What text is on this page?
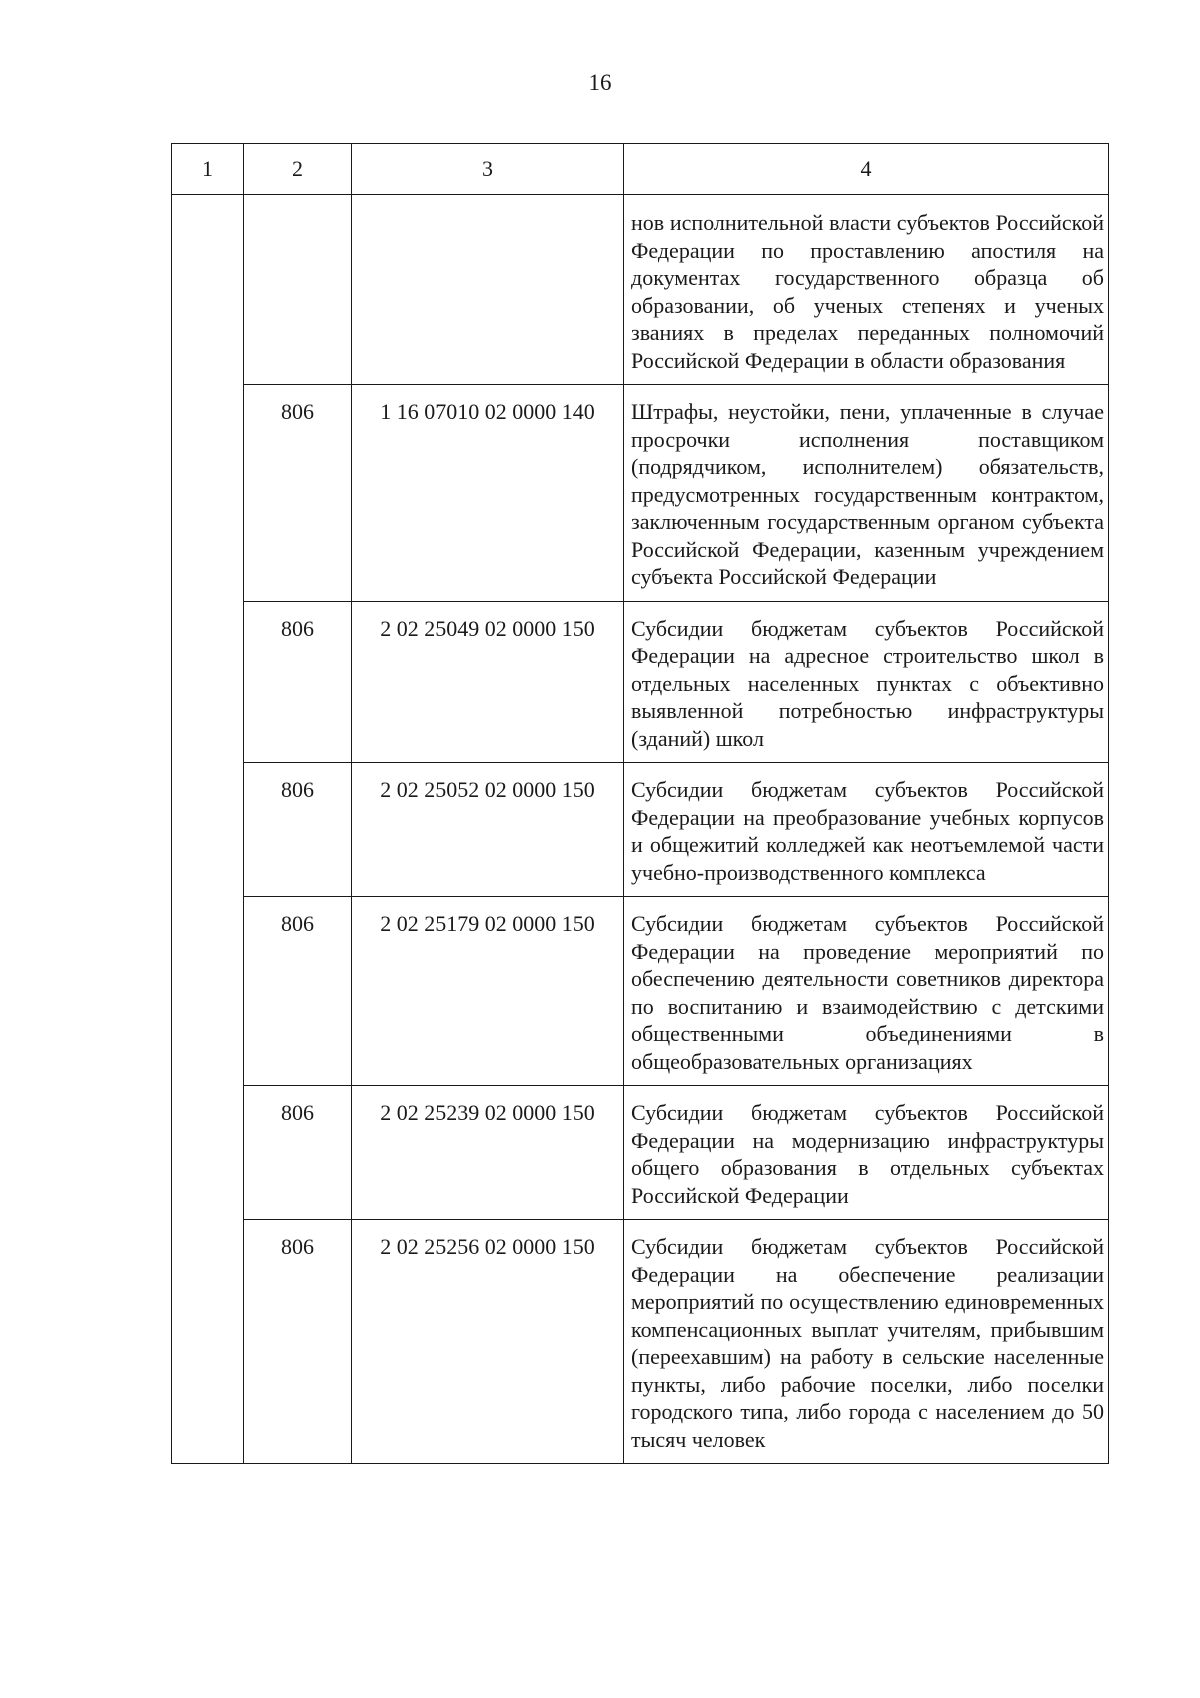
16
1	2	3	4
			нов исполнительной власти субъектов Российской Федерации по проставлению апостиля на документах государственного образца об образовании, об ученых степенях и ученых званиях в пределах переданных полномочий Российской Федерации в области образования
	806	1 16 07010 02 0000 140	Штрафы, неустойки, пени, уплаченные в случае просрочки исполнения поставщиком (подрядчиком, исполнителем) обязательств, предусмотренных государственным контрактом, заключенным государственным органом субъекта Российской Федерации, казенным учреждением субъекта Российской Федерации
	806	2 02 25049 02 0000 150	Субсидии бюджетам субъектов Российской Федерации на адресное строительство школ в отдельных населенных пунктах с объективно выявленной потребностью инфраструктуры (зданий) школ
	806	2 02 25052 02 0000 150	Субсидии бюджетам субъектов Российской Федерации на преобразование учебных корпусов и общежитий колледжей как неотъемлемой части учебно-производственного комплекса
	806	2 02 25179 02 0000 150	Субсидии бюджетам субъектов Российской Федерации на проведение мероприятий по обеспечению деятельности советников директора по воспитанию и взаимодействию с детскими общественными объединениями в общеобразовательных организациях
	806	2 02 25239 02 0000 150	Субсидии бюджетам субъектов Российской Федерации на модернизацию инфраструктуры общего образования в отдельных субъектах Российской Федерации
	806	2 02 25256 02 0000 150	Субсидии бюджетам субъектов Российской Федерации на обеспечение реализации мероприятий по осуществлению единовременных компенсационных выплат учителям, прибывшим (переехавшим) на работу в сельские населенные пункты, либо рабочие поселки, либо поселки городского типа, либо города с населением до 50 тысяч человек
